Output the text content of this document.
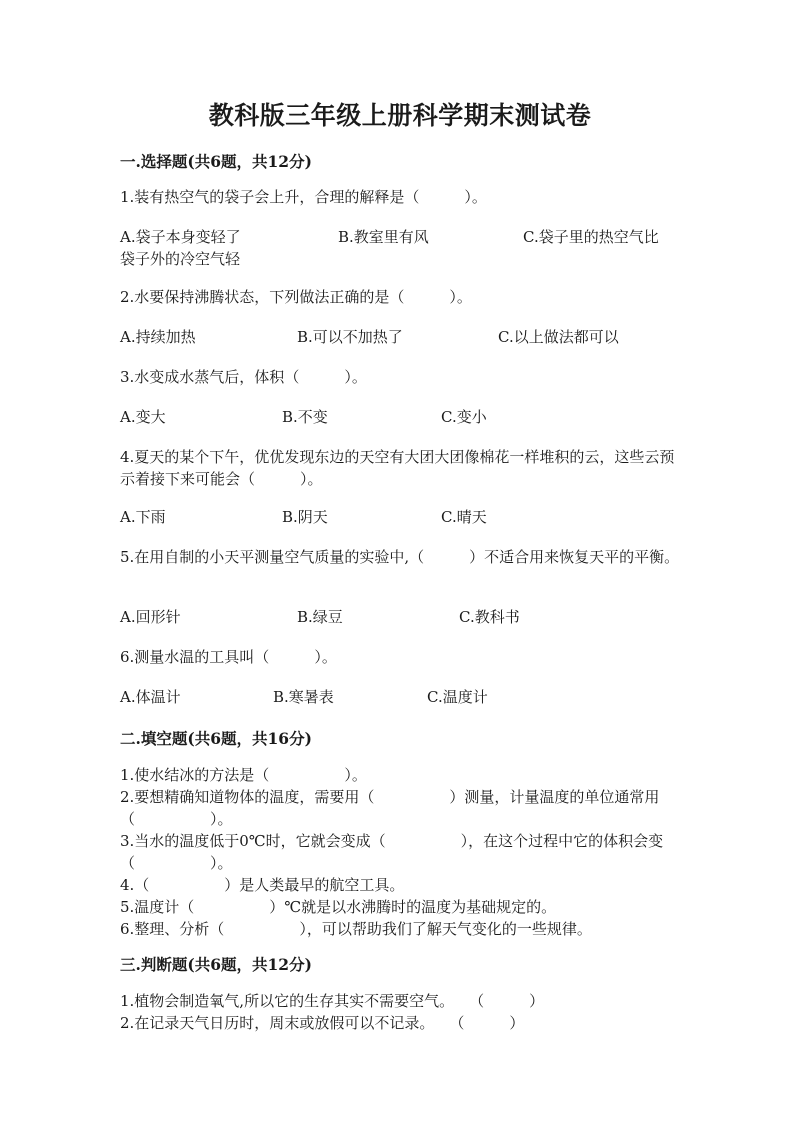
教科版三年级上册科学期末测试卷
一.选择题(共6题，共12分)
1.装有热空气的袋子会上升，合理的解释是（　　　）。
A.袋子本身变轻了	B.教室里有风	C.袋子里的热空气比
袋子外的冷空气轻
2.水要保持沸腾状态，下列做法正确的是（　　　）。
A.持续加热	B.可以不加热了	C.以上做法都可以
3.水变成水蒸气后，体积（　　　）。
A.变大	B.不变	C.变小
4.夏天的某个下午，优优发现东边的天空有大团大团像棉花一样堆积的云，这些云预示着接下来可能会（　　　）。
A.下雨	B.阴天	C.晴天
5.在用自制的小天平测量空气质量的实验中,（　　　）不适合用来恢复天平的平衡。
A.回形针	B.绿豆	C.教科书
6.测量水温的工具叫（　　　）。
A.体温计	B.寒暑表	C.温度计
二.填空题(共6题，共16分)
1.使水结冰的方法是（　　　　　）。
2.要想精确知道物体的温度，需要用（　　　　　）测量，计量温度的单位通常用（　　　　　）。
3.当水的温度低于0℃时，它就会变成（　　　　　），在这个过程中它的体积会变（　　　　　）。
4.（　　　　　）是人类最早的航空工具。
5.温度计（　　　　　）℃就是以水沸腾时的温度为基础规定的。
6.整理、分析（　　　　　），可以帮助我们了解天气变化的一些规律。
三.判断题(共6题，共12分)
1.植物会制造氧气,所以它的生存其实不需要空气。　　（　　　）
2.在记录天气日历时，周末或放假可以不记录。　　（　　　）
